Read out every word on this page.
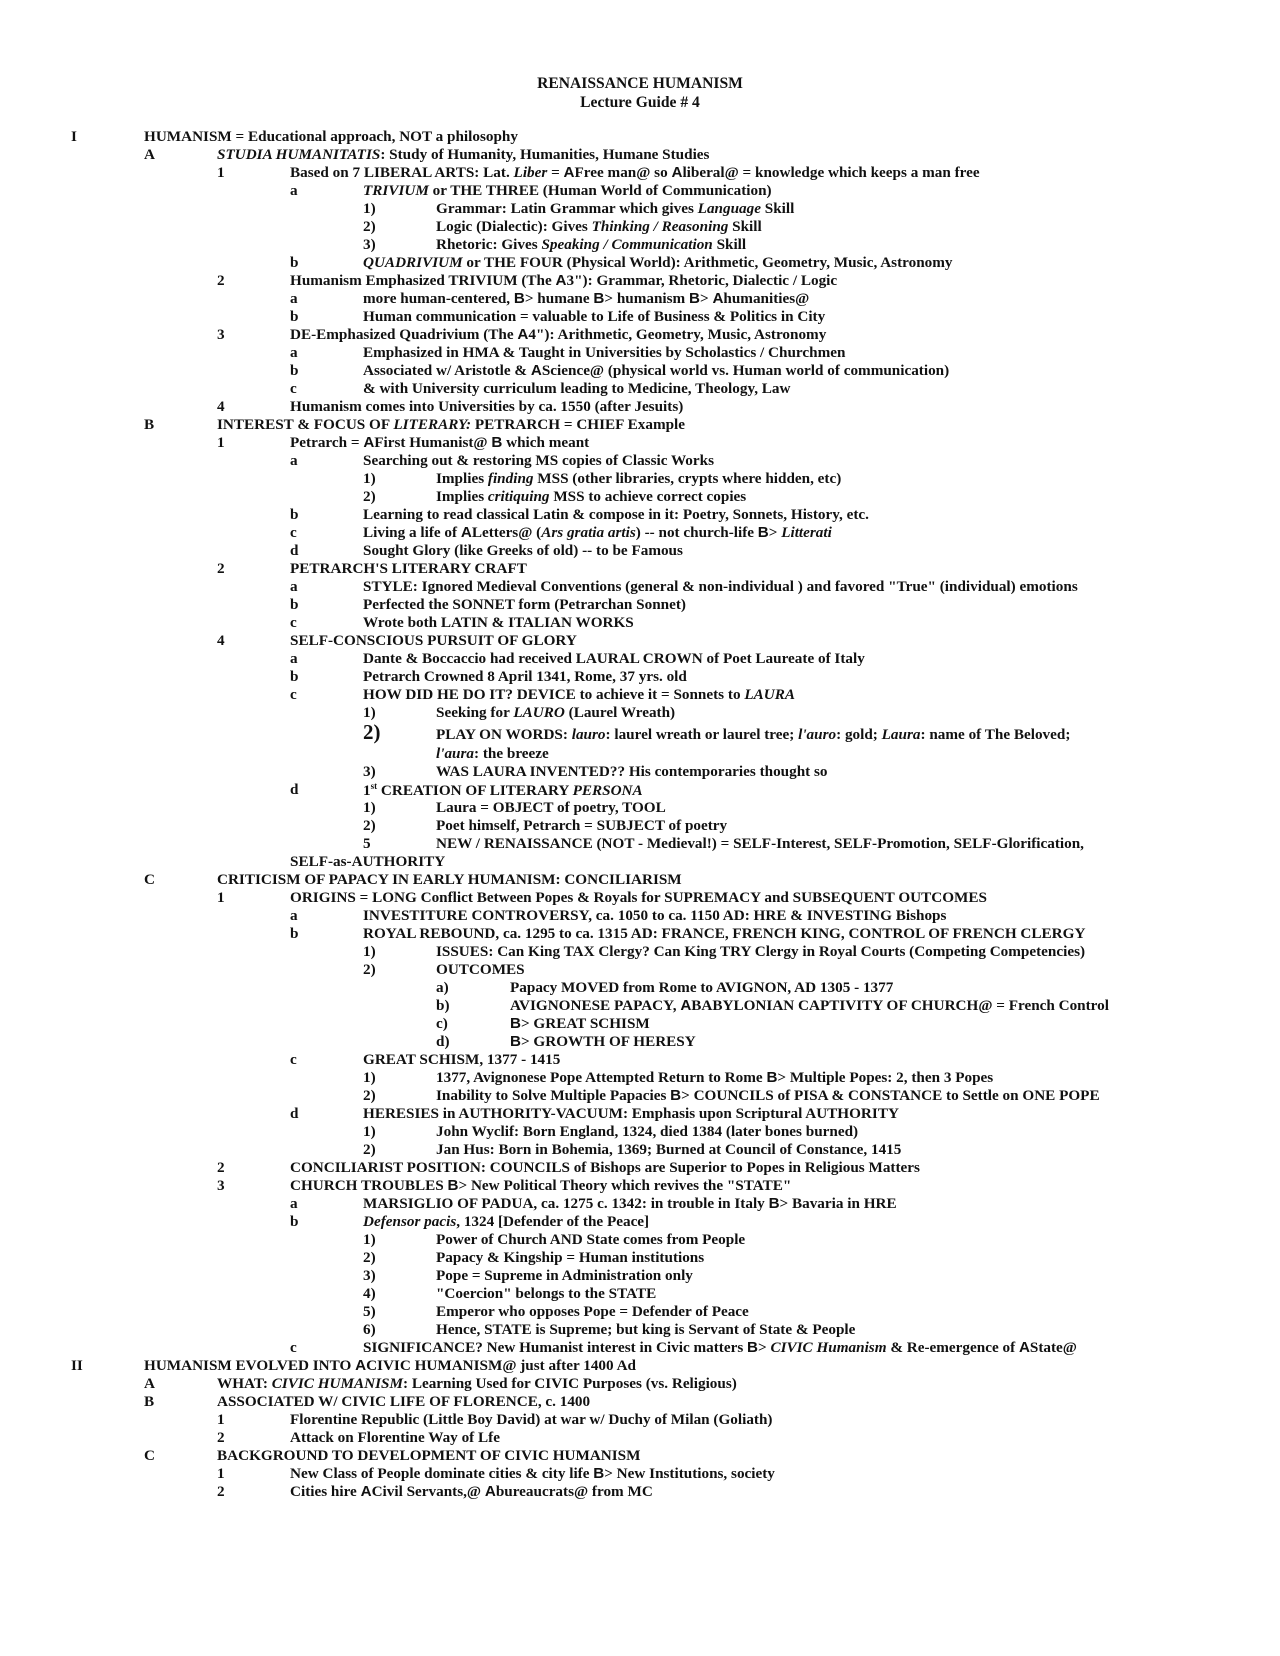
RENAISSANCE HUMANISM
Lecture Guide # 4
I	HUMANISM = Educational approach, NOT a philosophy
A	STUDIA HUMANITATIS: Study of Humanity, Humanities, Humane Studies
1	Based on 7 LIBERAL ARTS: Lat. Liber = AFree man@ so Aliberal@ = knowledge which keeps a man free
a	TRIVIUM or THE THREE (Human World of Communication)
1)	Grammar: Latin Grammar which gives Language Skill
2)	Logic (Dialectic): Gives Thinking / Reasoning Skill
3)	Rhetoric: Gives Speaking / Communication Skill
b	QUADRIVIUM or THE FOUR (Physical World): Arithmetic, Geometry, Music, Astronomy
2	Humanism Emphasized TRIVIUM (The A3"): Grammar, Rhetoric, Dialectic / Logic
a	more human-centered, B> humane B> humanism B> Ahumanities@
b	Human communication = valuable to Life of Business & Politics in City
3	DE-Emphasized Quadrivium (The A4"): Arithmetic, Geometry, Music, Astronomy
a	Emphasized in HMA & Taught in Universities by Scholastics / Churchmen
b	Associated w/ Aristotle & AScience@ (physical world vs. Human world of communication)
c	& with University curriculum leading to Medicine, Theology, Law
4	Humanism comes into Universities by ca. 1550 (after Jesuits)
B	INTEREST & FOCUS OF LITERARY: PETRARCH = CHIEF Example
1	Petrarch = AFirst Humanist@ B which meant
a	Searching out & restoring MS copies of Classic Works
1)	Implies finding MSS (other libraries, crypts where hidden, etc)
2)	Implies critiquing MSS to achieve correct copies
b	Learning to read classical Latin & compose in it: Poetry, Sonnets, History, etc.
c	Living a life of ALetters@ (Ars gratia artis) -- not church-life B> Litterati
d	Sought Glory (like Greeks of old) -- to be Famous
2	PETRARCH'S LITERARY CRAFT
a	STYLE: Ignored Medieval Conventions (general & non-individual ) and favored "True" (individual) emotions
b	Perfected the SONNET form (Petrarchan Sonnet)
c	Wrote both LATIN & ITALIAN WORKS
4	SELF-CONSCIOUS PURSUIT OF GLORY
a	Dante & Boccaccio had received LAURAL CROWN of Poet Laureate of Italy
b	Petrarch Crowned 8 April 1341, Rome, 37 yrs. old
c	HOW DID HE DO IT? DEVICE to achieve it = Sonnets to LAURA
1)	Seeking for LAURO (Laurel Wreath)
2)	PLAY ON WORDS: lauro: laurel wreath or laurel tree; l'auro: gold; Laura: name of The Beloved;
l'aura: the breeze
3)	WAS LAURA INVENTED?? His contemporaries thought so
d	1st CREATION OF LITERARY PERSONA
1)	Laura = OBJECT of poetry, TOOL
2)	Poet himself, Petrarch = SUBJECT of poetry
5	NEW / RENAISSANCE (NOT - Medieval!) = SELF-Interest, SELF-Promotion, SELF-Glorification,
SELF-as-AUTHORITY
C	CRITICISM OF PAPACY IN EARLY HUMANISM: CONCILIARISM
1	ORIGINS = LONG Conflict Between Popes & Royals for SUPREMACY and SUBSEQUENT OUTCOMES
a	INVESTITURE CONTROVERSY, ca. 1050 to ca. 1150 AD: HRE & INVESTING Bishops
b	ROYAL REBOUND, ca. 1295 to ca. 1315 AD: FRANCE, FRENCH KING, CONTROL OF FRENCH CLERGY
1)	ISSUES: Can King TAX Clergy? Can King TRY Clergy in Royal Courts (Competing Competencies)
2)	OUTCOMES
a)	Papacy MOVED from Rome to AVIGNON, AD 1305 - 1377
b)	AVIGNONESE PAPACY, ABABYLONIAN CAPTIVITY OF CHURCH@ = French Control
c)	B> GREAT SCHISM
d)	B> GROWTH OF HERESY
c	GREAT SCHISM, 1377 - 1415
1)	1377, Avignonese Pope Attempted Return to Rome B> Multiple Popes: 2, then 3 Popes
2)	Inability to Solve Multiple Papacies B> COUNCILS of PISA & CONSTANCE to Settle on ONE POPE
d	HERESIES in AUTHORITY-VACUUM: Emphasis upon Scriptural AUTHORITY
1)	John Wyclif: Born England, 1324, died 1384 (later bones burned)
2)	Jan Hus: Born in Bohemia, 1369; Burned at Council of Constance, 1415
2	CONCILIARIST POSITION: COUNCILS of Bishops are Superior to Popes in Religious Matters
3	CHURCH TROUBLES B> New Political Theory which revives the "STATE"
a	MARSIGLIO OF PADUA, ca. 1275 c. 1342: in trouble in Italy B> Bavaria in HRE
b	Defensor pacis, 1324 [Defender of the Peace]
1)	Power of Church AND State comes from People
2)	Papacy & Kingship = Human institutions
3)	Pope = Supreme in Administration only
4)	"Coercion" belongs to the STATE
5)	Emperor who opposes Pope = Defender of Peace
6)	Hence, STATE is Supreme; but king is Servant of State & People
c	SIGNIFICANCE? New Humanist interest in Civic matters B> CIVIC Humanism & Re-emergence of AState@
II	HUMANISM EVOLVED INTO ACIVIC HUMANISM@ just after 1400 Ad
A	WHAT: CIVIC HUMANISM: Learning Used for CIVIC Purposes (vs. Religious)
B	ASSOCIATED W/ CIVIC LIFE OF FLORENCE, c. 1400
1	Florentine Republic (Little Boy David) at war w/ Duchy of Milan (Goliath)
2	Attack on Florentine Way of Lfe
C	BACKGROUND TO DEVELOPMENT OF CIVIC HUMANISM
1	New Class of People dominate cities & city life B> New Institutions, society
2	Cities hire ACivil Servants,@ Abureaucrats@ from MC
